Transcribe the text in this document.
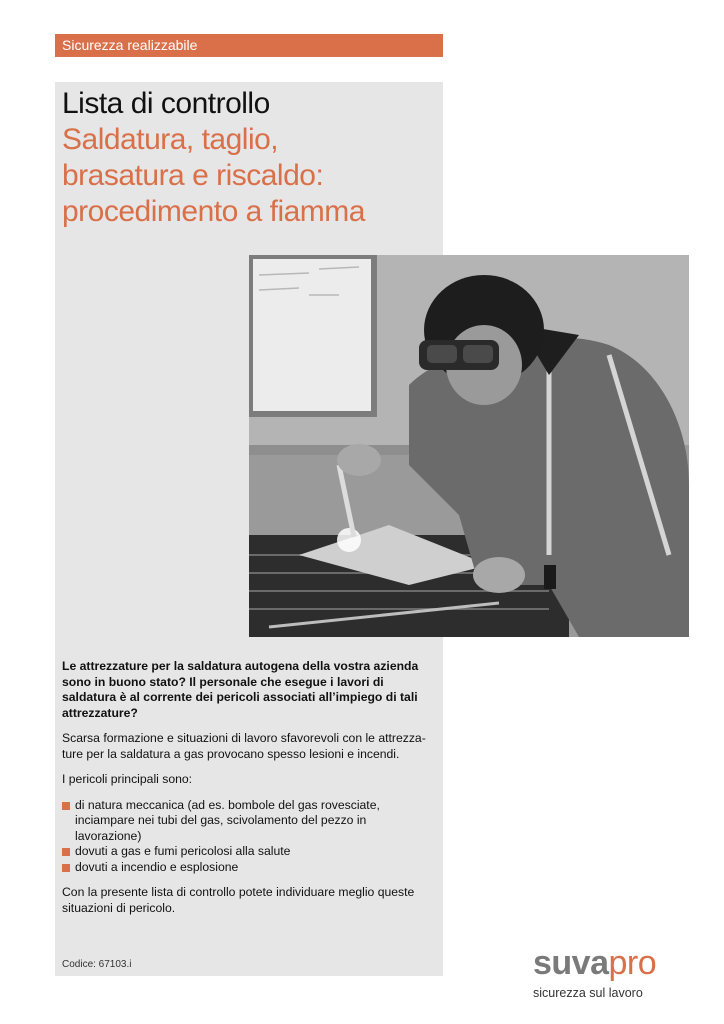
Sicurezza realizzabile
Lista di controllo
Saldatura, taglio,
brasatura e riscaldo:
procedimento a fiamma

Le attrezzature per la saldatura autogena della vostra azienda sono in buono stato? Il personale che esegue i lavori di saldatura è al corrente dei pericoli associati all’impiego di tali attrezzature?

Scarsa formazione e situazioni di lavoro sfavorevoli con le attrezza-ture per la saldatura a gas provocano spesso lesioni e incendi.

I pericoli principali sono:

di natura meccanica (ad es. bombole del gas rovesciate, inciampare nei tubi del gas, scivolamento del pezzo in lavorazione)
dovuti a gas e fumi pericolosi alla salute
dovuti a incendio e esplosione

Con la presente lista di controllo potete individuare meglio queste situazioni di pericolo.

Codice: 67103.i	suvapro
sicurezza sul lavoro
